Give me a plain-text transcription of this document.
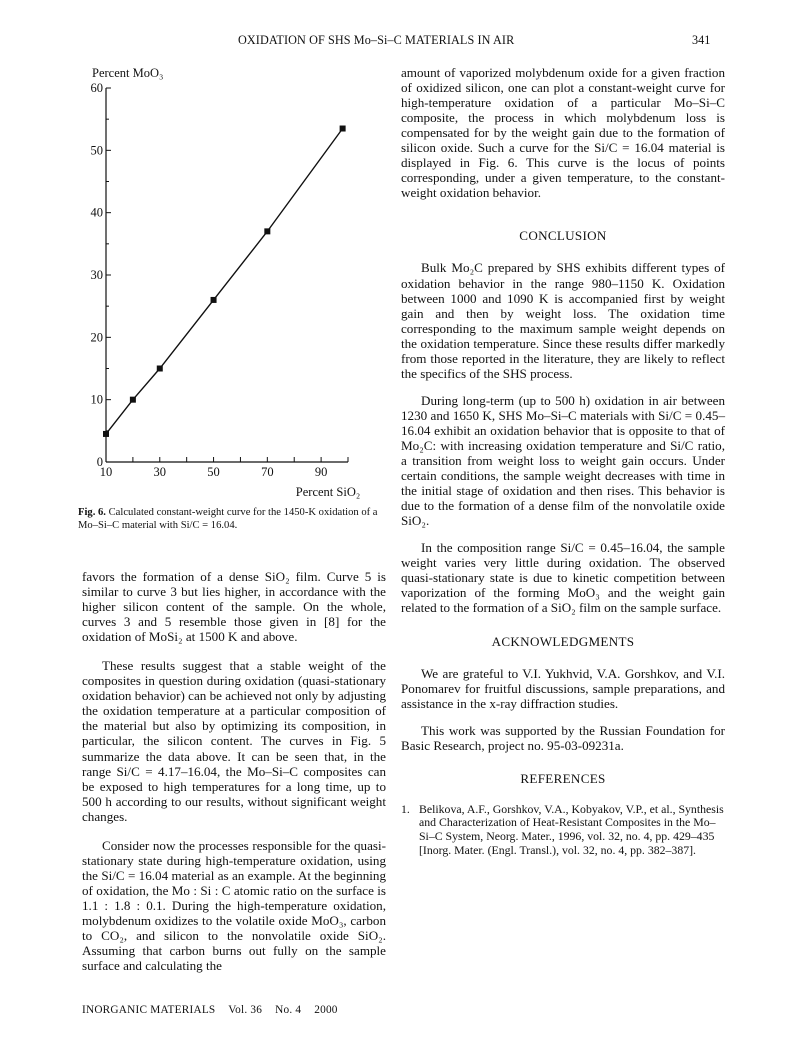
OXIDATION OF SHS Mo–Si–C MATERIALS IN AIR	341
0
10
20
30
40
50
60
10	30	50	70	90
Percent MoO₃
Percent SiO₂
Fig. 6. Calculated constant-weight curve for the 1450-K oxidation of a Mo–Si–C material with Si/C = 16.04.

favors the formation of a dense SiO₂ film. Curve 5 is similar to curve 3 but lies higher, in accordance with the higher silicon content of the sample. On the whole, curves 3 and 5 resemble those given in [8] for the oxidation of MoSi₂ at 1500 K and above.

These results suggest that a stable weight of the composites in question during oxidation (quasi-stationary oxidation behavior) can be achieved not only by adjusting the oxidation temperature at a particular composition of the material but also by optimizing its composition, in particular, the silicon content. The curves in Fig. 5 summarize the data above. It can be seen that, in the range Si/C = 4.17–16.04, the Mo–Si–C composites can be exposed to high temperatures for a long time, up to 500 h according to our results, without significant weight changes.

Consider now the processes responsible for the quasi-stationary state during high-temperature oxidation, using the Si/C = 16.04 material as an example. At the beginning of oxidation, the Mo : Si : C atomic ratio on the surface is 1.1 : 1.8 : 0.1. During the high-temperature oxidation, molybdenum oxidizes to the volatile oxide MoO₃, carbon to CO₂, and silicon to the nonvolatile oxide SiO₂. Assuming that carbon burns out fully on the sample surface and calculating the

amount of vaporized molybdenum oxide for a given fraction of oxidized silicon, one can plot a constant-weight curve for high-temperature oxidation of a particular Mo–Si–C composite, the process in which molybdenum loss is compensated for by the weight gain due to the formation of silicon oxide. Such a curve for the Si/C = 16.04 material is displayed in Fig. 6. This curve is the locus of points corresponding, under a given temperature, to the constant-weight oxidation behavior.

CONCLUSION

Bulk Mo₂C prepared by SHS exhibits different types of oxidation behavior in the range 980–1150 K. Oxidation between 1000 and 1090 K is accompanied first by weight gain and then by weight loss. The oxidation time corresponding to the maximum sample weight depends on the oxidation temperature. Since these results differ markedly from those reported in the literature, they are likely to reflect the specifics of the SHS process.

During long-term (up to 500 h) oxidation in air between 1230 and 1650 K, SHS Mo–Si–C materials with Si/C = 0.45–16.04 exhibit an oxidation behavior that is opposite to that of Mo₂C: with increasing oxidation temperature and Si/C ratio, a transition from weight loss to weight gain occurs. Under certain conditions, the sample weight decreases with time in the initial stage of oxidation and then rises. This behavior is due to the formation of a dense film of the nonvolatile oxide SiO₂.

In the composition range Si/C = 0.45–16.04, the sample weight varies very little during oxidation. The observed quasi-stationary state is due to kinetic competition between vaporization of the forming MoO₃ and the weight gain related to the formation of a SiO₂ film on the sample surface.

ACKNOWLEDGMENTS

We are grateful to V.I. Yukhvid, V.A. Gorshkov, and V.I. Ponomarev for fruitful discussions, sample preparations, and assistance in the x-ray diffraction studies.

This work was supported by the Russian Foundation for Basic Research, project no. 95-03-09231a.

REFERENCES
1. Belikova, A.F., Gorshkov, V.A., Kobyakov, V.P., et al., Synthesis and Characterization of Heat-Resistant Composites in the Mo–Si–C System, Neorg. Mater., 1996, vol. 32, no. 4, pp. 429–435 [Inorg. Mater. (Engl. Transl.), vol. 32, no. 4, pp. 382–387].
INORGANIC MATERIALS Vol. 36 No. 4 2000
